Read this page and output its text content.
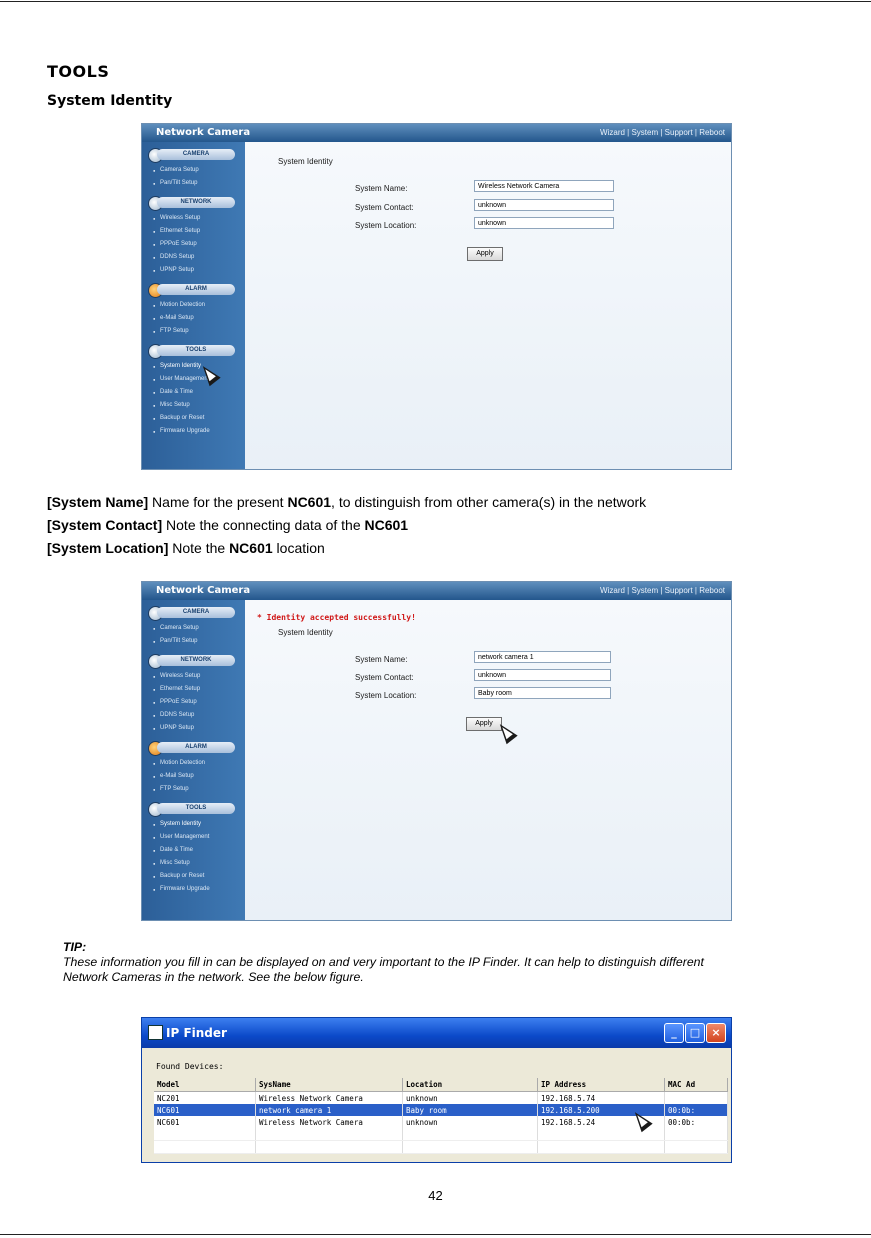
TOOLS
System Identity
Network Camera	Wizard | System | Support | Reboot
CAMERA
● Camera Setup
● Pan/Tilt Setup
NETWORK
● Wireless Setup
● Ethernet Setup
● PPPoE Setup
● DDNS Setup
● UPNP Setup
ALARM
● Motion Detection
● e-Mail Setup
● FTP Setup
TOOLS
● System Identity
● User Management
● Date & Time
● Misc Setup
● Backup or Reset
● Firmware Upgrade
System Identity
System Name:	Wireless Network Camera
System Contact:	unknown
System Location:	unknown
Apply
[System Name] Name for the present NC601, to distinguish from other camera(s) in the network
[System Contact] Note the connecting data of the NC601
[System Location] Note the NC601 location
Network Camera	Wizard | System | Support | Reboot
CAMERA
● Camera Setup
● Pan/Tilt Setup
NETWORK
● Wireless Setup
● Ethernet Setup
● PPPoE Setup
● DDNS Setup
● UPNP Setup
ALARM
● Motion Detection
● e-Mail Setup
● FTP Setup
TOOLS
● System Identity
● User Management
● Date & Time
● Misc Setup
● Backup or Reset
● Firmware Upgrade
* Identity accepted successfully!
System Identity
System Name:	network camera 1
System Contact:	unknown
System Location:	Baby room
Apply
TIP:
These information you fill in can be displayed on and very important to the IP Finder. It can help to distinguish different
Network Cameras in the network. See the below figure.
IP Finder	_	□	×
Found Devices:
Model	SysName	Location	IP Address	MAC Ad
NC201	Wireless Network Camera	unknown	192.168.5.74	
NC601	network camera 1	Baby room	192.168.5.200	00:0b:
NC601	Wireless Network Camera	unknown	192.168.5.24	00:0b:

42
